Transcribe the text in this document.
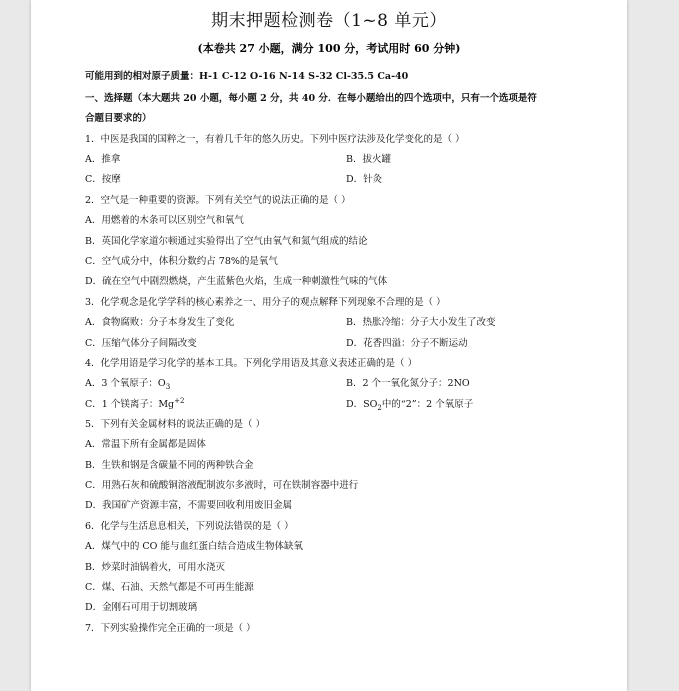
期末押题检测卷（1~8 单元）
(本卷共 27 小题，满分 100 分，考试用时 60 分钟)
可能用到的相对原子质量：H-1 C-12 O-16 N-14 S-32 Cl-35.5 Ca-40
一、选择题（本大题共 20 小题，每小题 2 分，共 40 分．在每小题给出的四个选项中，只有一个选项是符
合题目要求的）
1．中医是我国的国粹之一，有着几千年的悠久历史。下列中医疗法涉及化学变化的是（ ）
A．推拿	B．拔火罐
C．按摩	D．针灸
2．空气是一种重要的资源。下列有关空气的说法正确的是（ ）
A．用燃着的木条可以区别空气和氧气
B．英国化学家道尔顿通过实验得出了空气由氧气和氮气组成的结论
C．空气成分中，体积分数约占 78%的是氧气
D．硫在空气中剧烈燃烧，产生蓝紫色火焰，生成一种刺激性气味的气体
3．化学观念是化学学科的核心素养之一、用分子的观点解释下列现象不合理的是（ ）
A．食物腐败：分子本身发生了变化	B．热胀冷缩：分子大小发生了改变
C．压缩气体分子间隔改变	D．花香四溢：分子不断运动
4．化学用语是学习化学的基本工具。下列化学用语及其意义表述正确的是（ ）
A．3 个氧原子：$O_3$	B．2 个一氧化氮分子：2NO
C．1 个镁离子：$Mg^{+2}$	D．$SO_2$中的“2”：2 个氧原子
5．下列有关金属材料的说法正确的是（ ）
A．常温下所有金属都是固体
B．生铁和钢是含碳量不同的两种铁合金
C．用熟石灰和硫酸铜溶液配制波尔多液时，可在铁制容器中进行
D．我国矿产资源丰富，不需要回收利用废旧金属
6．化学与生活息息相关，下列说法错误的是（ ）
A．煤气中的 CO 能与血红蛋白结合造成生物体缺氧
B．炒菜时油锅着火，可用水浇灭
C．煤、石油、天然气都是不可再生能源
D．金刚石可用于切割玻璃
7．下列实验操作完全正确的一项是（ ）
